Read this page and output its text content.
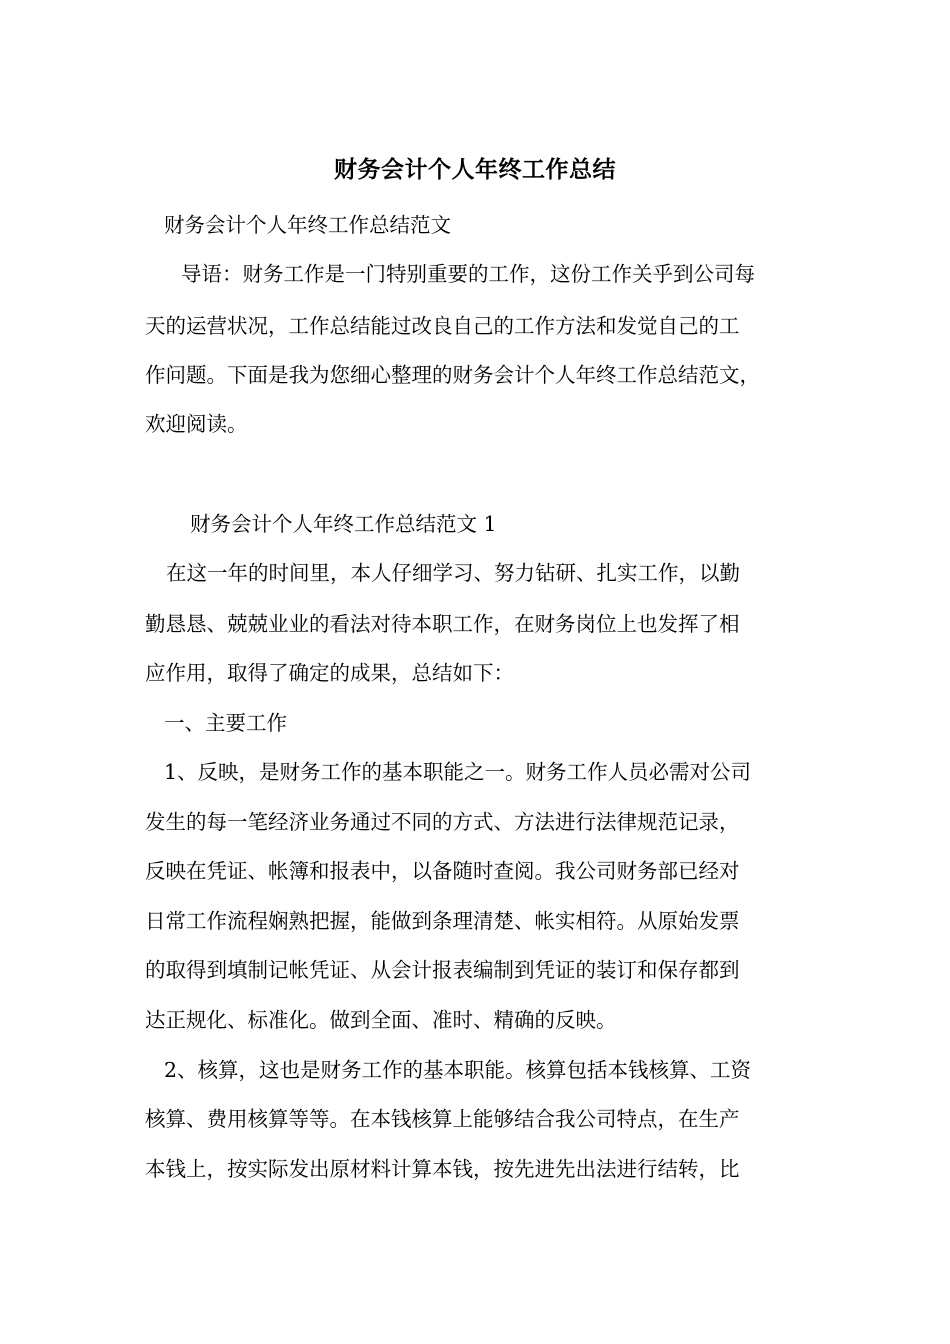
财务会计个人年终工作总结
财务会计个人年终工作总结范文
导语：财务工作是一门特别重要的工作，这份工作关乎到公司每
天的运营状况，工作总结能过改良自己的工作方法和发觉自己的工
作问题。下面是我为您细心整理的财务会计个人年终工作总结范文，
欢迎阅读。
财务会计个人年终工作总结范文 1
在这一年的时间里，本人仔细学习、努力钻研、扎实工作，以勤
勤恳恳、兢兢业业的看法对待本职工作，在财务岗位上也发挥了相
应作用，取得了确定的成果，总结如下：
一、主要工作
1、反映，是财务工作的基本职能之一。财务工作人员必需对公司
发生的每一笔经济业务通过不同的方式、方法进行法律规范记录，
反映在凭证、帐簿和报表中，以备随时查阅。我公司财务部已经对
日常工作流程娴熟把握，能做到条理清楚、帐实相符。从原始发票
的取得到填制记帐凭证、从会计报表编制到凭证的装订和保存都到
达正规化、标准化。做到全面、准时、精确的反映。
2、核算，这也是财务工作的基本职能。核算包括本钱核算、工资
核算、费用核算等等。在本钱核算上能够结合我公司特点，在生产
本钱上，按实际发出原材料计算本钱，按先进先出法进行结转，比
